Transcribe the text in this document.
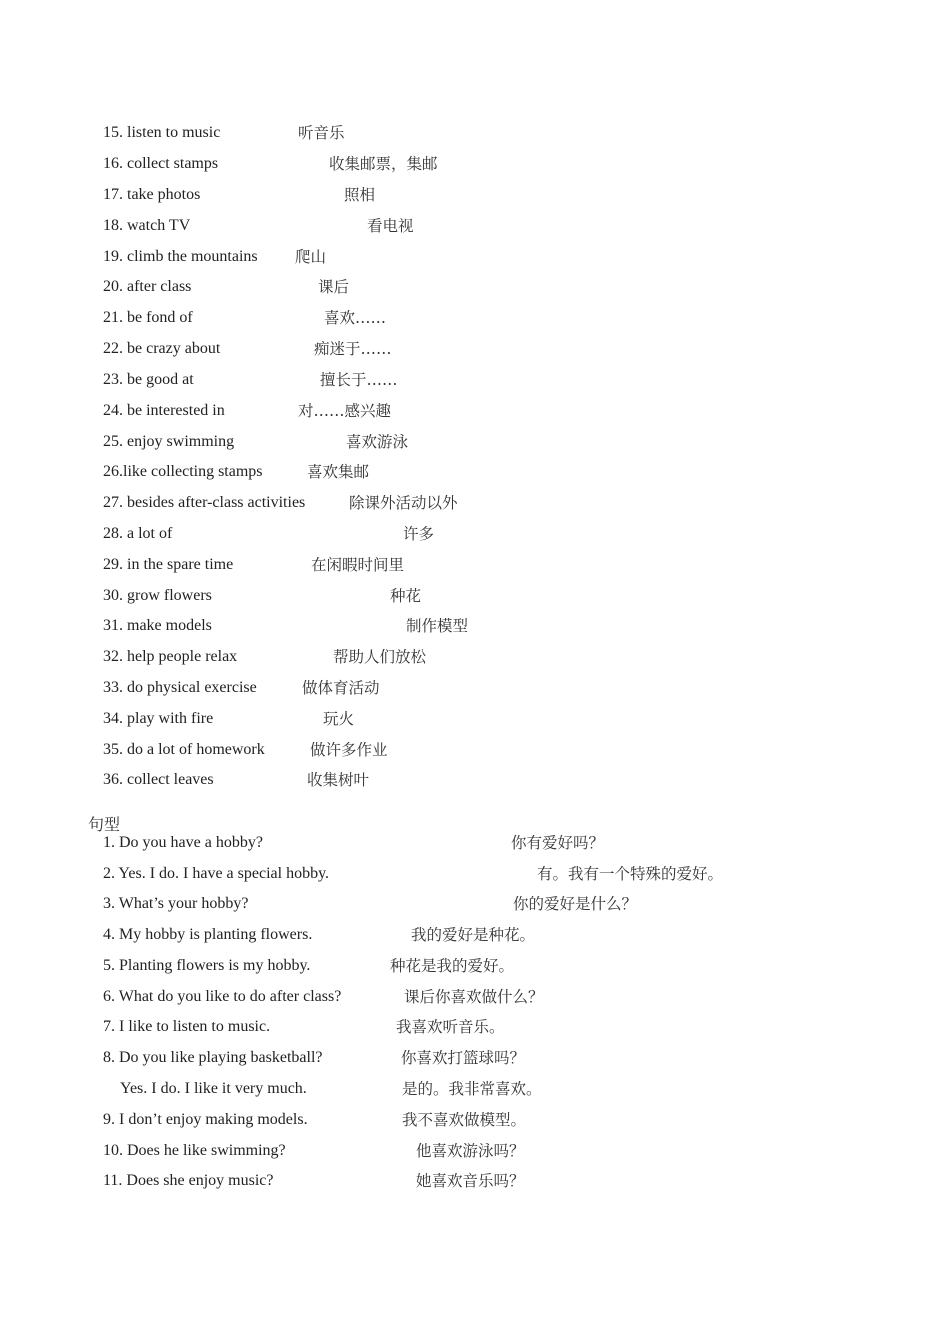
15. listen to music	听音乐
16. collect stamps	收集邮票，集邮
17. take photos	照相
18. watch TV	看电视
19. climb the mountains 爬山
20. after class	课后
21. be fond of	喜欢……
22. be crazy about	痴迷于……
23. be good at	擅长于……
24. be interested in	对……感兴趣
25. enjoy swimming	喜欢游泳
26.like collecting stamps	喜欢集邮
27. besides after-class activities	除课外活动以外
28. a lot of	许多
29. in the spare time	在闲暇时间里
30. grow flowers	种花
31. make models	制作模型
32. help people relax	帮助人们放松
33. do physical exercise	做体育活动
34. play with fire	玩火
35. do a lot of homework	做许多作业
36. collect leaves	收集树叶
句型
1. Do you have a hobby?	你有爱好吗？
2. Yes. I do. I have a special hobby.	有。我有一个特殊的爱好。
3. What’s your hobby?	你的爱好是什么？
4. My hobby is planting flowers.	我的爱好是种花。
5. Planting flowers is my hobby.	种花是我的爱好。
6. What do you like to do after class?	课后你喜欢做什么？
7. I like to listen to music.	我喜欢听音乐。
8. Do you like playing basketball?	你喜欢打篮球吗？
Yes. I do. I like it very much.	是的。我非常喜欢。
9. I don’t enjoy making models.	我不喜欢做模型。
10. Does he like swimming?	他喜欢游泳吗？
11. Does she enjoy music?	她喜欢音乐吗？
